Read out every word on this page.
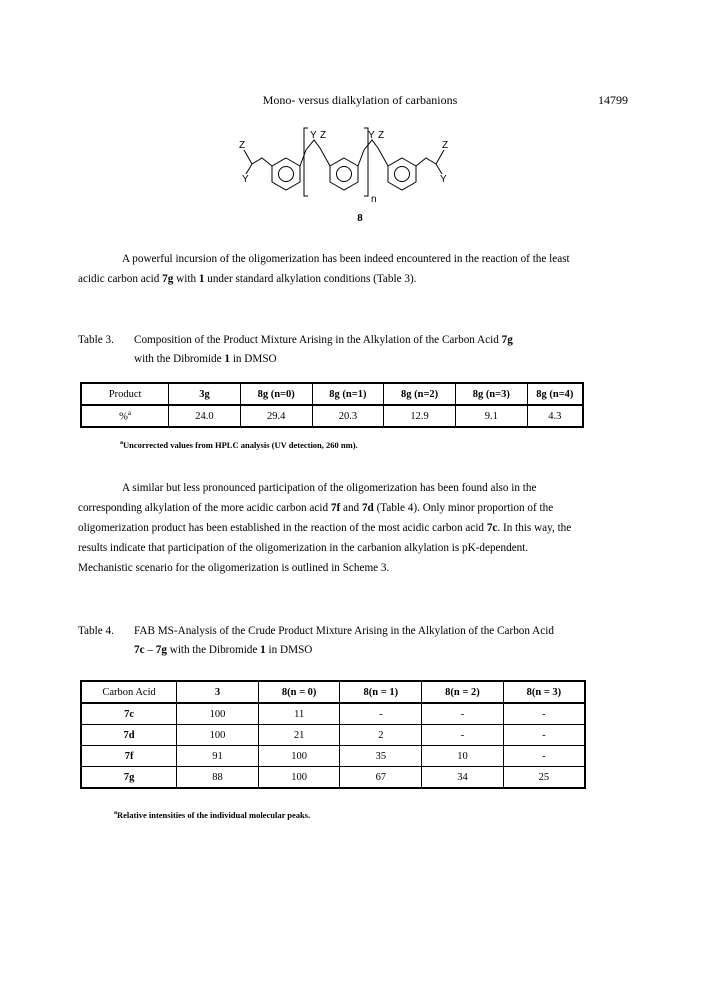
Mono- versus dialkylation of carbanions	14799
Z
Y
Y Z	Y Z
Z
Y
n
8
A powerful incursion of the oligomerization has been indeed encountered in the reaction of the least
acidic carbon acid 7g with 1 under standard alkylation conditions (Table 3).
Table 3. Composition of the Product Mixture Arising in the Alkylation of the Carbon Acid 7g
with the Dibromide 1 in DMSO
Product	3g	8g (n=0)	8g (n=1)	8g (n=2)	8g (n=3)	8g (n=4)
%$^a$	24.0	29.4	20.3	12.9	9.1	4.3
$^a$Uncorrected values from HPLC analysis (UV detection, 260 nm).
A similar but less pronounced participation of the oligomerization has been found also in the
corresponding alkylation of the more acidic carbon acid 7f and 7d (Table 4). Only minor proportion of the
oligomerization product has been established in the reaction of the most acidic carbon acid 7c. In this way, the
results indicate that participation of the oligomerization in the carbanion alkylation is pK-dependent.
Mechanistic scenario for the oligomerization is outlined in Scheme 3.
Table 4. FAB MS-Analysis of the Crude Product Mixture Arising in the Alkylation of the Carbon Acid
7c – 7g with the Dibromide 1 in DMSO
Carbon Acid	3	8(n = 0)	8(n = 1)	8(n = 2)	8(n = 3)
7c	100	11	-	-	-
7d	100	21	2	-	-
7f	91	100	35	10	-
7g	88	100	67	34	25
$^a$Relative intensities of the individual molecular peaks.
